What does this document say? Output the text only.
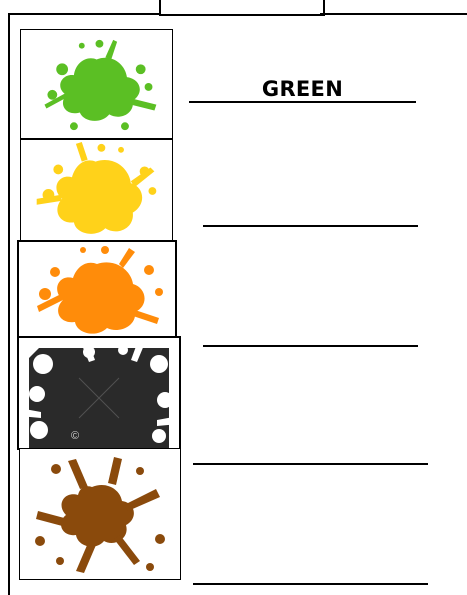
GREEN
©
